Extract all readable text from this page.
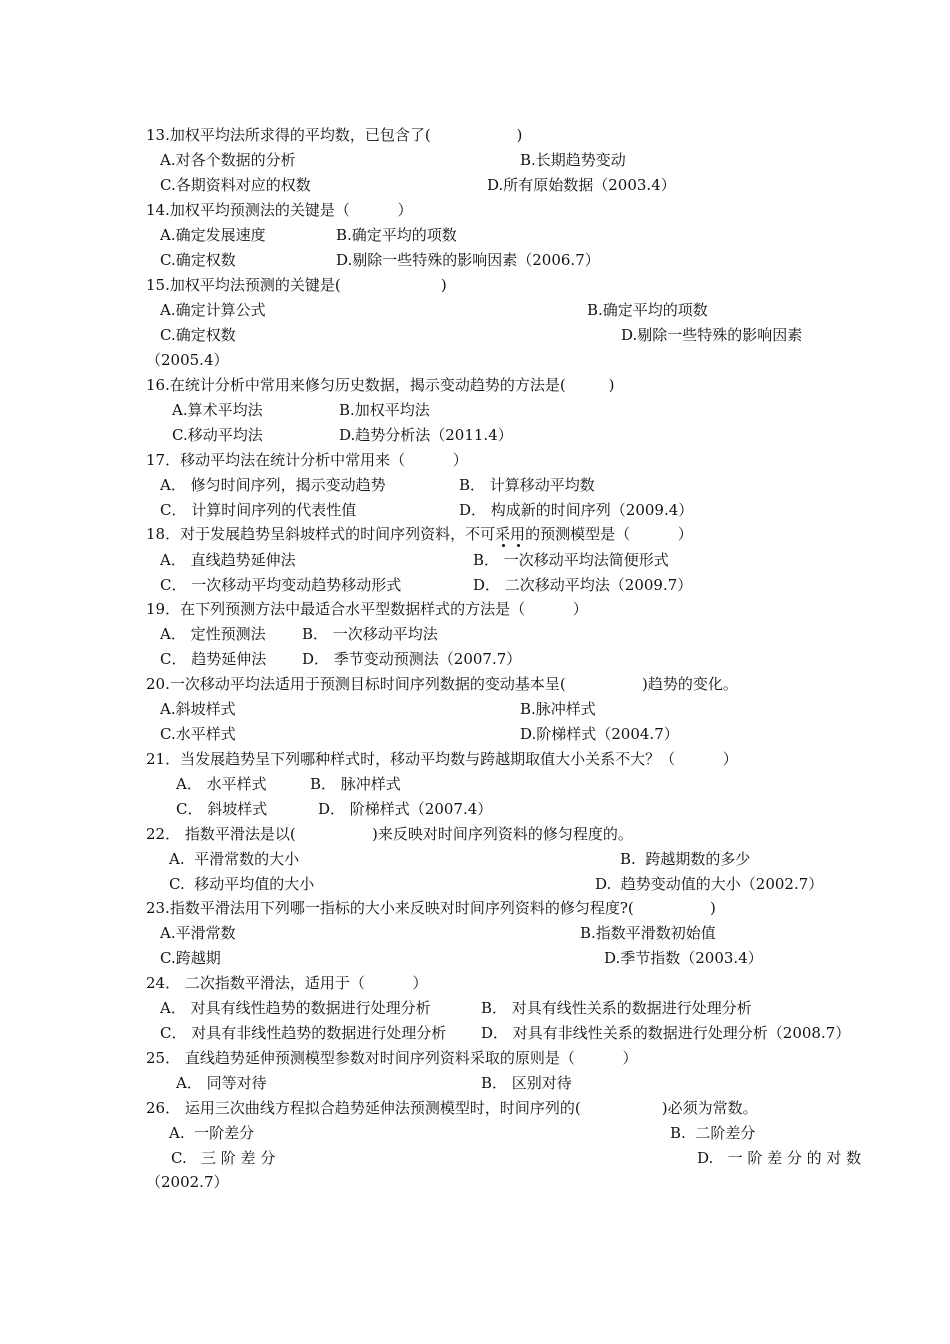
13.加权平均法所求得的平均数，已包含了(                  )
A.对各个数据的分析	B.长期趋势变动
C.各期资料对应的权数	D.所有原始数据（2003.4）
14.加权平均预测法的关键是（          ）
A.确定发展速度	B.确定平均的项数
C.确定权数	D.剔除一些特殊的影响因素（2006.7）
15.加权平均法预测的关键是(                     )
A.确定计算公式	B.确定平均的项数
C.确定权数	D.剔除一些特殊的影响因素
（2005.4）
16.在统计分析中常用来修匀历史数据，揭示变动趋势的方法是(         )
A.算术平均法	B.加权平均法
C.移动平均法	D.趋势分析法（2011.4）
17．移动平均法在统计分析中常用来（          ）
A． 修匀时间序列，揭示变动趋势	B． 计算移动平均数
C． 计算时间序列的代表性值	D． 构成新的时间序列（2009.4）
18．对于发展趋势呈斜坡样式的时间序列资料，不可采用的预测模型是（          ）
A． 直线趋势延伸法	B． 一次移动平均法简便形式
C． 一次移动平均变动趋势移动形式	D． 二次移动平均法（2009.7）
19．在下列预测方法中最适合水平型数据样式的方法是（          ）
A． 定性预测法 B． 一次移动平均法
C． 趋势延伸法 D． 季节变动预测法（2007.7）
20.一次移动平均法适用于预测目标时间序列数据的变动基本呈(                )趋势的变化。
A.斜坡样式	B.脉冲样式
C.水平样式	D.阶梯样式（2004.7）
21．当发展趋势呈下列哪种样式时，移动平均数与跨越期取值大小关系不大？（          ）
A． 水平样式	B． 脉冲样式
C． 斜坡样式	D． 阶梯样式（2007.4）
22． 指数平滑法是以(                )来反映对时间序列资料的修匀程度的。
A.  平滑常数的大小	B.  跨越期数的多少
C.  移动平均值的大小	D.  趋势变动值的大小（2002.7）
23.指数平滑法用下列哪一指标的大小来反映对时间序列资料的修匀程度?(                )
A.平滑常数	B.指数平滑数初始值
C.跨越期	D.季节指数（2003.4）
24． 二次指数平滑法，适用于（          ）
A． 对具有线性趋势的数据进行处理分析	B． 对具有线性关系的数据进行处理分析
C． 对具有非线性趋势的数据进行处理分析 D． 对具有非线性关系的数据进行处理分析（2008.7）
25． 直线趋势延伸预测模型参数对时间序列资料采取的原则是（          ）
A． 同等对待	B． 区别对待
26． 运用三次曲线方程拟合趋势延伸法预测模型时，时间序列的(                 )必须为常数。
A.  一阶差分	B.  二阶差分
C.   三 阶 差 分	D.   一 阶 差 分 的 对 数
（2002.7）
